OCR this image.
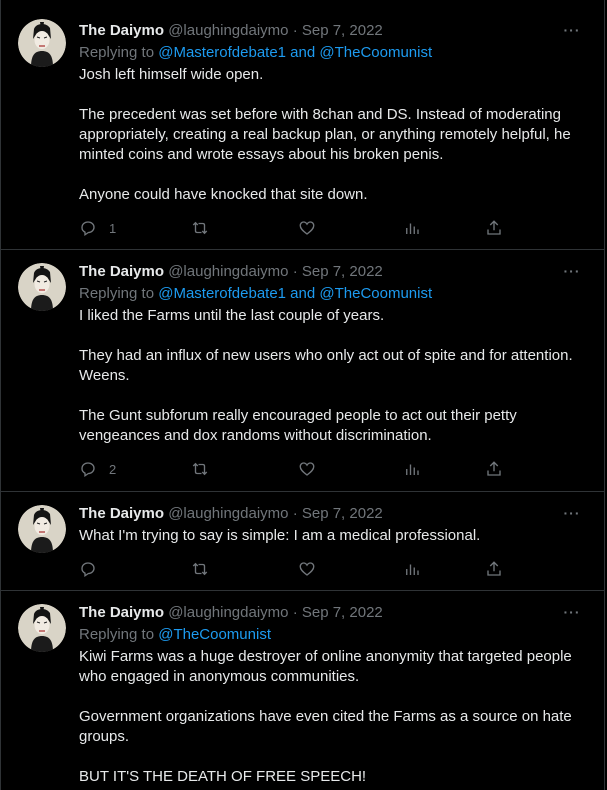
The Daiymo @laughingdaiymo · Sep 7, 2022	···
Replying to @Masterofdebate1 and @TheCoomunist

Josh left himself wide open.

The precedent was set before with 8chan and DS. Instead of moderating appropriately, creating a real backup plan, or anything remotely helpful, he minted coins and wrote essays about his broken penis.

Anyone could have knocked that site down.

1
The Daiymo @laughingdaiymo · Sep 7, 2022	···
Replying to @Masterofdebate1 and @TheCoomunist

I liked the Farms until the last couple of years.

They had an influx of new users who only act out of spite and for attention. Weens.

The Gunt subforum really encouraged people to act out their petty vengeances and dox randoms without discrimination.

2
The Daiymo @laughingdaiymo · Sep 7, 2022	···

What I'm trying to say is simple: I am a medical professional.

The Daiymo @laughingdaiymo · Sep 7, 2022	···
Replying to @TheCoomunist

Kiwi Farms was a huge destroyer of online anonymity that targeted people who engaged in anonymous communities.

Government organizations have even cited the Farms as a source on hate groups.

BUT IT'S THE DEATH OF FREE SPEECH!
